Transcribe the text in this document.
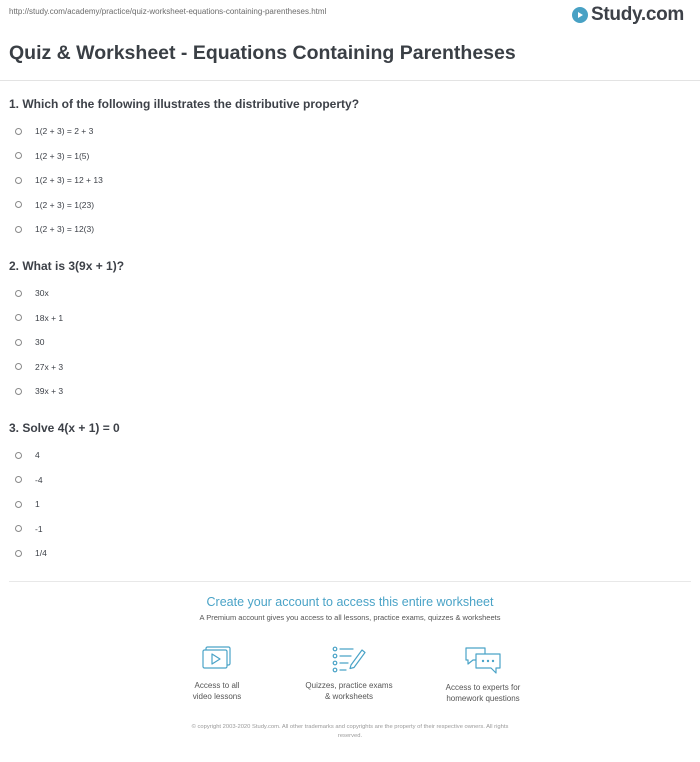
http://study.com/academy/practice/quiz-worksheet-equations-containing-parentheses.html	Study.com
Quiz & Worksheet - Equations Containing Parentheses

1. Which of the following illustrates the distributive property?

1(2 + 3) = 2 + 3
1(2 + 3) = 1(5)
1(2 + 3) = 12 + 13
1(2 + 3) = 1(23)
1(2 + 3) = 12(3)

2. What is 3(9x + 1)?

30x
18x + 1
30
27x + 3
39x + 3

3. Solve 4(x + 1) = 0

4
-4
1
-1
1/4
Create your account to access this entire worksheet
A Premium account gives you access to all lessons, practice exams, quizzes & worksheets
Access to all
video lessons
Quizzes, practice exams
& worksheets
Access to experts for
homework questions
© copyright 2003-2020 Study.com. All other trademarks and copyrights are the property of their respective owners. All rights
reserved.
